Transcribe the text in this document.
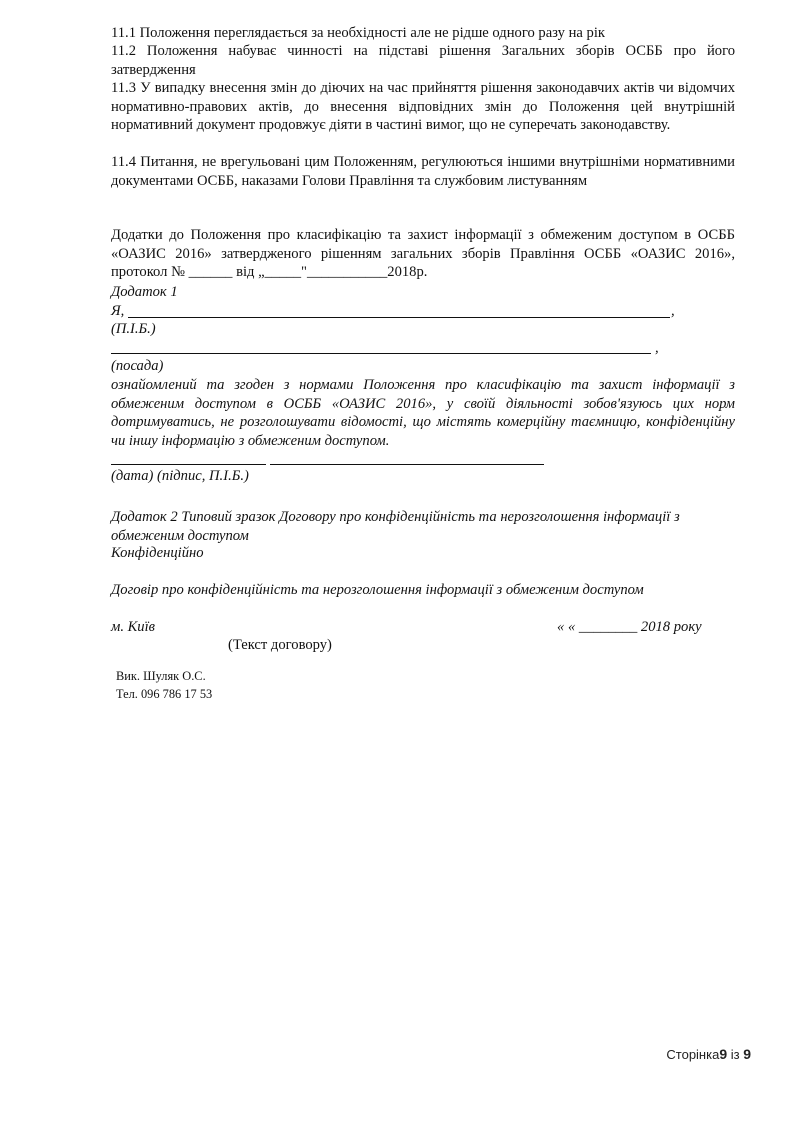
11.1 Положення переглядається за необхідності але не рідше одного разу на рік
11.2 Положення набуває чинності на підставі рішення Загальних зборів ОСББ про його затвердження
11.3 У випадку внесення змін до діючих на час прийняття рішення законодавчих актів чи відомчих нормативно-правових актів, до внесення відповідних змін до Положення цей внутрішній нормативний документ продовжує діяти в частині вимог, що не суперечать законодавству.
11.4 Питання, не врегульовані цим Положенням, регулюються іншими внутрішніми нормативними документами ОСББ, наказами Голови Правління та службовим листуванням
Додатки до Положення про класифікацію та захист інформації з обмеженим доступом в ОСББ «ОАЗИС 2016» затвердженого рішенням загальних зборів Правління ОСББ «ОАЗИС 2016», протокол № ______ від „_____"___________2018р.
Додаток 1
Я,	,
(П.І.Б.)
,
(посада)
ознайомлений та згоден з нормами Положення про класифікацію та захист інформації з обмеженим доступом в ОСББ «ОАЗИС 2016», у своїй діяльності зобов'язуюсь цих норм дотримуватись, не розголошувати відомості, що містять комерційну таємницю, конфіденційну чи іншу інформацію з обмеженим доступом.
(дата) (підпис, П.І.Б.)
Додаток 2 Типовий зразок Договору про конфіденційність та нерозголошення інформації з обмеженим доступом
Конфіденційно
Договір про конфіденційність та нерозголошення інформації з обмеженим доступом
м. Київ	« « ________ 2018 року
(Текст договору)
Вик. Шуляк О.С.
Тел. 096 786 17 53
Сторінка9 із 9
